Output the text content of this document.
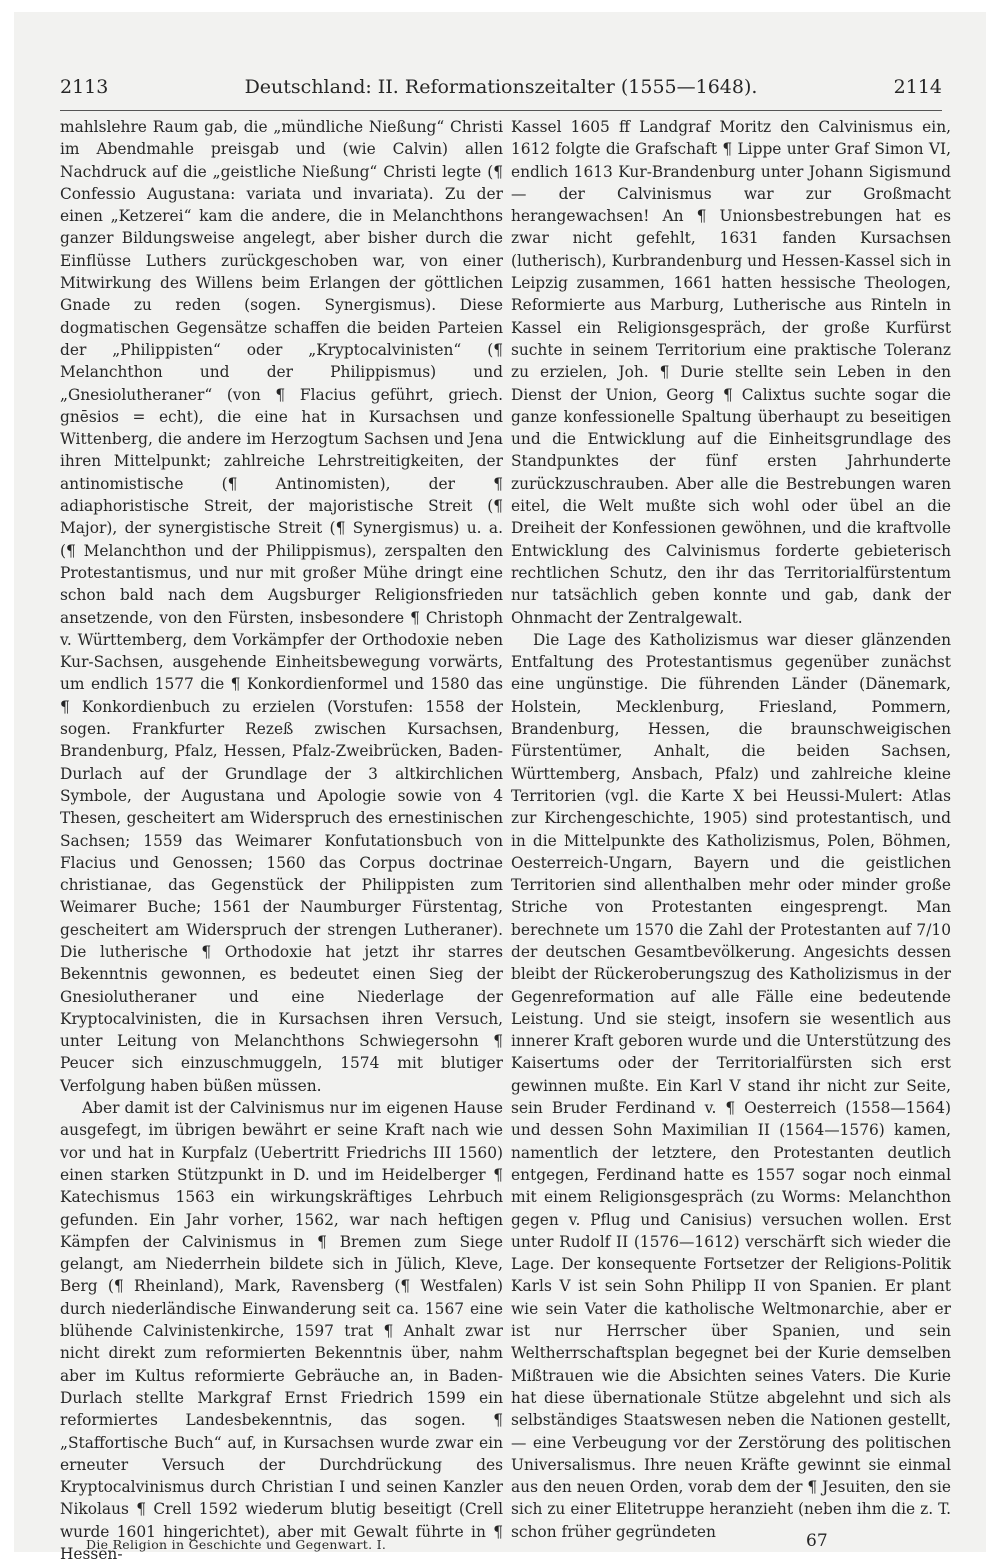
2113	Deutschland: II. Reformationszeitalter (1555—1648).	2114

mahlslehre Raum gab, die „mündliche Nießung“ Christi im Abendmahle preisgab und (wie Calvin) allen Nachdruck auf die „geistliche Nießung“ Christi legte (¶ Confessio Augustana: variata und invariata). Zu der einen „Ketzerei“ kam die andere, die in Melanchthons ganzer Bildungsweise angelegt, aber bisher durch die Einflüsse Luthers zurückgeschoben war, von einer Mitwirkung des Willens beim Erlangen der göttlichen Gnade zu reden (sogen. Synergismus). Diese dogmatischen Gegensätze schaffen die beiden Parteien der „Philippisten“ oder „Kryptocalvinisten“ (¶ Melanchthon und der Philippismus) und „Gnesiolutheraner“ (von ¶ Flacius geführt, griech. gnēsios = echt), die eine hat in Kursachsen und Wittenberg, die andere im Herzogtum Sachsen und Jena ihren Mittelpunkt; zahlreiche Lehrstreitigkeiten, der antinomistische (¶ Antinomisten), der ¶ adiaphoristische Streit, der majoristische Streit (¶ Major), der synergistische Streit (¶ Synergismus) u. a. (¶ Melanchthon und der Philippismus), zerspalten den Protestantismus, und nur mit großer Mühe dringt eine schon bald nach dem Augsburger Religionsfrieden ansetzende, von den Fürsten, insbesondere ¶ Christoph v. Württemberg, dem Vorkämpfer der Orthodoxie neben Kur-Sachsen, ausgehende Einheitsbewegung vorwärts, um endlich 1577 die ¶ Konkordienformel und 1580 das ¶ Konkordienbuch zu erzielen (Vorstufen: 1558 der sogen. Frankfurter Rezeß zwischen Kursachsen, Brandenburg, Pfalz, Hessen, Pfalz-Zweibrücken, Baden-Durlach auf der Grundlage der 3 altkirchlichen Symbole, der Augustana und Apologie sowie von 4 Thesen, gescheitert am Widerspruch des ernestinischen Sachsen; 1559 das Weimarer Konfutationsbuch von Flacius und Genossen; 1560 das Corpus doctrinae christianae, das Gegenstück der Philippisten zum Weimarer Buche; 1561 der Naumburger Fürstentag, gescheitert am Widerspruch der strengen Lutheraner). Die lutherische ¶ Orthodoxie hat jetzt ihr starres Bekenntnis gewonnen, es bedeutet einen Sieg der Gnesiolutheraner und eine Niederlage der Kryptocalvinisten, die in Kursachsen ihren Versuch, unter Leitung von Melanchthons Schwiegersohn ¶ Peucer sich einzuschmuggeln, 1574 mit blutiger Verfolgung haben büßen müssen.

Aber damit ist der Calvinismus nur im eigenen Hause ausgefegt, im übrigen bewährt er seine Kraft nach wie vor und hat in Kurpfalz (Uebertritt Friedrichs III 1560) einen starken Stützpunkt in D. und im Heidelberger ¶ Katechismus 1563 ein wirkungskräftiges Lehrbuch gefunden. Ein Jahr vorher, 1562, war nach heftigen Kämpfen der Calvinismus in ¶ Bremen zum Siege gelangt, am Niederrhein bildete sich in Jülich, Kleve, Berg (¶ Rheinland), Mark, Ravensberg (¶ Westfalen) durch niederländische Einwanderung seit ca. 1567 eine blühende Calvinistenkirche, 1597 trat ¶ Anhalt zwar nicht direkt zum reformierten Bekenntnis über, nahm aber im Kultus reformierte Gebräuche an, in Baden-Durlach stellte Markgraf Ernst Friedrich 1599 ein reformiertes Landesbekenntnis, das sogen. ¶ „Staffortische Buch“ auf, in Kursachsen wurde zwar ein erneuter Versuch der Durchdrückung des Kryptocalvinismus durch Christian I und seinen Kanzler Nikolaus ¶ Crell 1592 wiederum blutig beseitigt (Crell wurde 1601 hingerichtet), aber mit Gewalt führte in ¶ Hessen-

Kassel 1605 ff Landgraf Moritz den Calvinismus ein, 1612 folgte die Grafschaft ¶ Lippe unter Graf Simon VI, endlich 1613 Kur-Brandenburg unter Johann Sigismund — der Calvinismus war zur Großmacht herangewachsen! An ¶ Unionsbestrebungen hat es zwar nicht gefehlt, 1631 fanden Kursachsen (lutherisch), Kurbrandenburg und Hessen-Kassel sich in Leipzig zusammen, 1661 hatten hessische Theologen, Reformierte aus Marburg, Lutherische aus Rinteln in Kassel ein Religionsgespräch, der große Kurfürst suchte in seinem Territorium eine praktische Toleranz zu erzielen, Joh. ¶ Durie stellte sein Leben in den Dienst der Union, Georg ¶ Calixtus suchte sogar die ganze konfessionelle Spaltung überhaupt zu beseitigen und die Entwicklung auf die Einheitsgrundlage des Standpunktes der fünf ersten Jahrhunderte zurückzuschrauben. Aber alle die Bestrebungen waren eitel, die Welt mußte sich wohl oder übel an die Dreiheit der Konfessionen gewöhnen, und die kraftvolle Entwicklung des Calvinismus forderte gebieterisch rechtlichen Schutz, den ihr das Territorialfürstentum nur tatsächlich geben konnte und gab, dank der Ohnmacht der Zentralgewalt.

Die Lage des Katholizismus war dieser glänzenden Entfaltung des Protestantismus gegenüber zunächst eine ungünstige. Die führenden Länder (Dänemark, Holstein, Mecklenburg, Friesland, Pommern, Brandenburg, Hessen, die braunschweigischen Fürstentümer, Anhalt, die beiden Sachsen, Württemberg, Ansbach, Pfalz) und zahlreiche kleine Territorien (vgl. die Karte X bei Heussi-Mulert: Atlas zur Kirchengeschichte, 1905) sind protestantisch, und in die Mittelpunkte des Katholizismus, Polen, Böhmen, Oesterreich-Ungarn, Bayern und die geistlichen Territorien sind allenthalben mehr oder minder große Striche von Protestanten eingesprengt. Man berechnete um 1570 die Zahl der Protestanten auf 7/10 der deutschen Gesamtbevölkerung. Angesichts dessen bleibt der Rückeroberungszug des Katholizismus in der Gegenreformation auf alle Fälle eine bedeutende Leistung. Und sie steigt, insofern sie wesentlich aus innerer Kraft geboren wurde und die Unterstützung des Kaisertums oder der Territorialfürsten sich erst gewinnen mußte. Ein Karl V stand ihr nicht zur Seite, sein Bruder Ferdinand v. ¶ Oesterreich (1558—1564) und dessen Sohn Maximilian II (1564—1576) kamen, namentlich der letztere, den Protestanten deutlich entgegen, Ferdinand hatte es 1557 sogar noch einmal mit einem Religionsgespräch (zu Worms: Melanchthon gegen v. Pflug und Canisius) versuchen wollen. Erst unter Rudolf II (1576—1612) verschärft sich wieder die Lage. Der konsequente Fortsetzer der Religions-Politik Karls V ist sein Sohn Philipp II von Spanien. Er plant wie sein Vater die katholische Weltmonarchie, aber er ist nur Herrscher über Spanien, und sein Weltherrschaftsplan begegnet bei der Kurie demselben Mißtrauen wie die Absichten seines Vaters. Die Kurie hat diese übernationale Stütze abgelehnt und sich als selbständiges Staatswesen neben die Nationen gestellt, — eine Verbeugung vor der Zerstörung des politischen Universalismus. Ihre neuen Kräfte gewinnt sie einmal aus den neuen Orden, vorab dem der ¶ Jesuiten, den sie sich zu einer Elitetruppe heranzieht (neben ihm die z. T. schon früher gegründeten

Die Religion in Geschichte und Gegenwart. I.	67
